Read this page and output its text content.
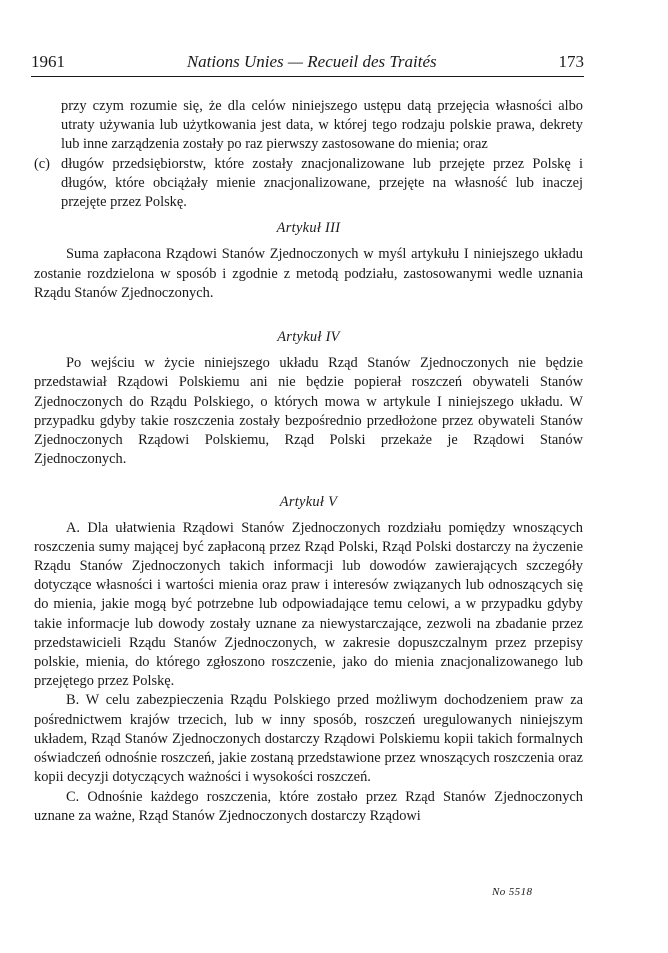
1961	Nations Unies — Recueil des Traités	173

przy czym rozumie się, że dla celów niniejszego ustępu datą przejęcia własności albo utraty używania lub użytkowania jest data, w której tego rodzaju polskie prawa, dekrety lub inne zarządzenia zostały po raz pierwszy zastosowane do mienia; oraz

(c) długów przedsiębiorstw, które zostały znacjonalizowane lub przejęte przez Polskę i długów, które obciążały mienie znacjonalizowane, przejęte na własność lub inaczej przejęte przez Polskę.

Artykuł III

Suma zapłacona Rządowi Stanów Zjednoczonych w myśl artykułu I niniejszego układu zostanie rozdzielona w sposób i zgodnie z metodą podziału, zastosowanymi wedle uznania Rządu Stanów Zjednoczonych.

Artykuł IV

Po wejściu w życie niniejszego układu Rząd Stanów Zjednoczonych nie będzie przedstawiał Rządowi Polskiemu ani nie będzie popierał roszczeń obywateli Stanów Zjednoczonych do Rządu Polskiego, o których mowa w artykule I niniejszego układu. W przypadku gdyby takie roszczenia zostały bezpośrednio przedłożone przez obywateli Stanów Zjednoczonych Rządowi Polskiemu, Rząd Polski przekaże je Rządowi Stanów Zjednoczonych.

Artykuł V

A. Dla ułatwienia Rządowi Stanów Zjednoczonych rozdziału pomiędzy wnoszących roszczenia sumy mającej być zapłaconą przez Rząd Polski, Rząd Polski dostarczy na życzenie Rządu Stanów Zjednoczonych takich informacji lub dowodów zawierających szczegóły dotyczące własności i wartości mienia oraz praw i interesów związanych lub odnoszących się do mienia, jakie mogą być potrzebne lub odpowiadające temu celowi, a w przypadku gdyby takie informacje lub dowody zostały uznane za niewystarczające, zezwoli na zbadanie przez przedstawicieli Rządu Stanów Zjednoczonych, w zakresie dopuszczalnym przez przepisy polskie, mienia, do którego zgłoszono roszczenie, jako do mienia znacjonalizowanego lub przejętego przez Polskę.

B. W celu zabezpieczenia Rządu Polskiego przed możliwym dochodzeniem praw za pośrednictwem krajów trzecich, lub w inny sposób, roszczeń uregulowanych niniejszym układem, Rząd Stanów Zjednoczonych dostarczy Rządowi Polskiemu kopii takich formalnych oświadczeń odnośnie roszczeń, jakie zostaną przedstawione przez wnoszących roszczenia oraz kopii decyzji dotyczących ważności i wysokości roszczeń.

C. Odnośnie każdego roszczenia, które zostało przez Rząd Stanów Zjednoczonych uznane za ważne, Rząd Stanów Zjednoczonych dostarczy Rządowi

No 5518
